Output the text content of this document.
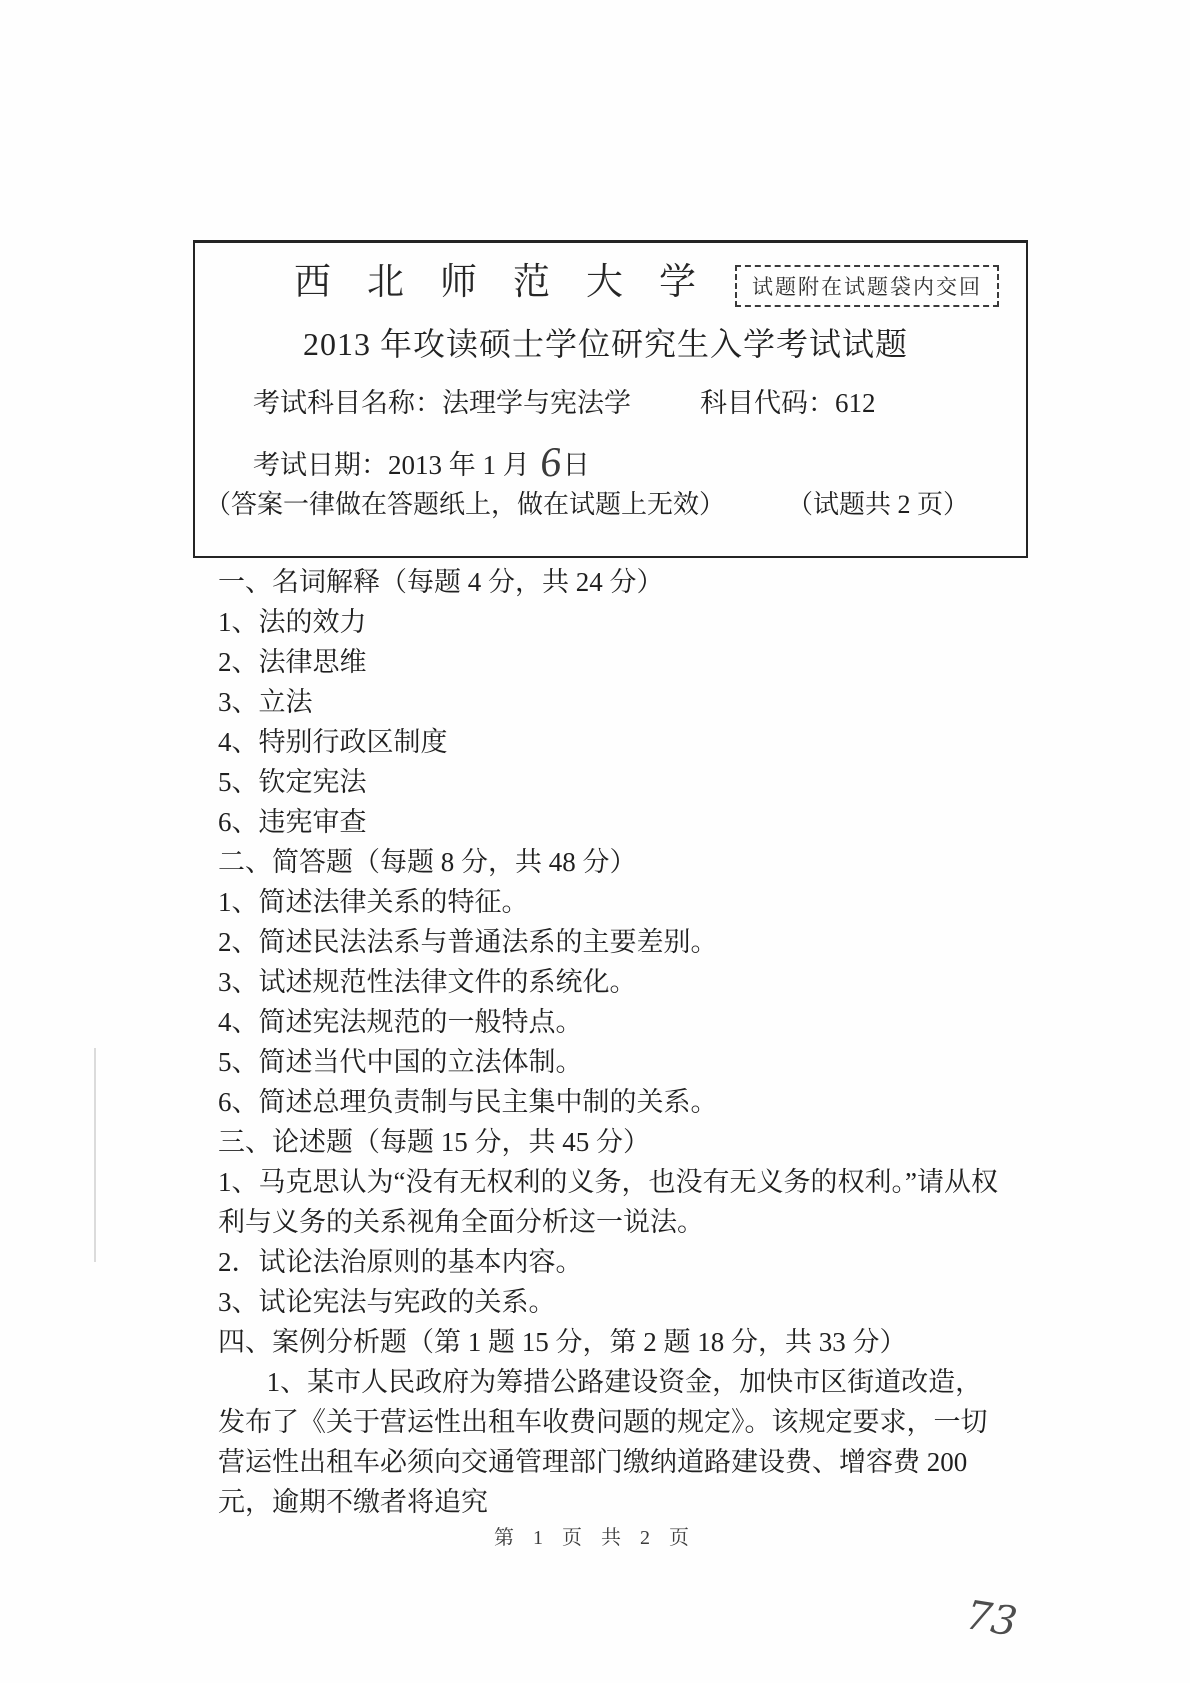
西北师范大学 试题附在试题袋内交回
2013 年攻读硕士学位研究生入学考试试题
考试科目名称：法理学与宪法学	科目代码：612
考试日期：2013 年 1 月 6日
（答案一律做在答题纸上，做在试题上无效） （试题共 2 页）

一、名词解释（每题 4 分，共 24 分）

1、法的效力

2、法律思维

3、立法

4、特别行政区制度

5、钦定宪法

6、违宪审查

二、简答题（每题 8 分，共 48 分）

1、简述法律关系的特征。

2、简述民法法系与普通法系的主要差别。

3、试述规范性法律文件的系统化。

4、简述宪法规范的一般特点。

5、简述当代中国的立法体制。

6、简述总理负责制与民主集中制的关系。

三、论述题（每题 15 分，共 45 分）

1、马克思认为“没有无权利的义务，也没有无义务的权利。”请从权利与义务的关系视角全面分析这一说法。

2．试论法治原则的基本内容。

3、试论宪法与宪政的关系。

四、案例分析题（第 1 题 15 分，第 2 题 18 分，共 33 分）

1、某市人民政府为筹措公路建设资金，加快市区街道改造，发布了《关于营运性出租车收费问题的规定》。该规定要求，一切营运性出租车必须向交通管理部门缴纳道路建设费、增容费 200 元，逾期不缴者将追究

第 1 页 共 2 页
73
